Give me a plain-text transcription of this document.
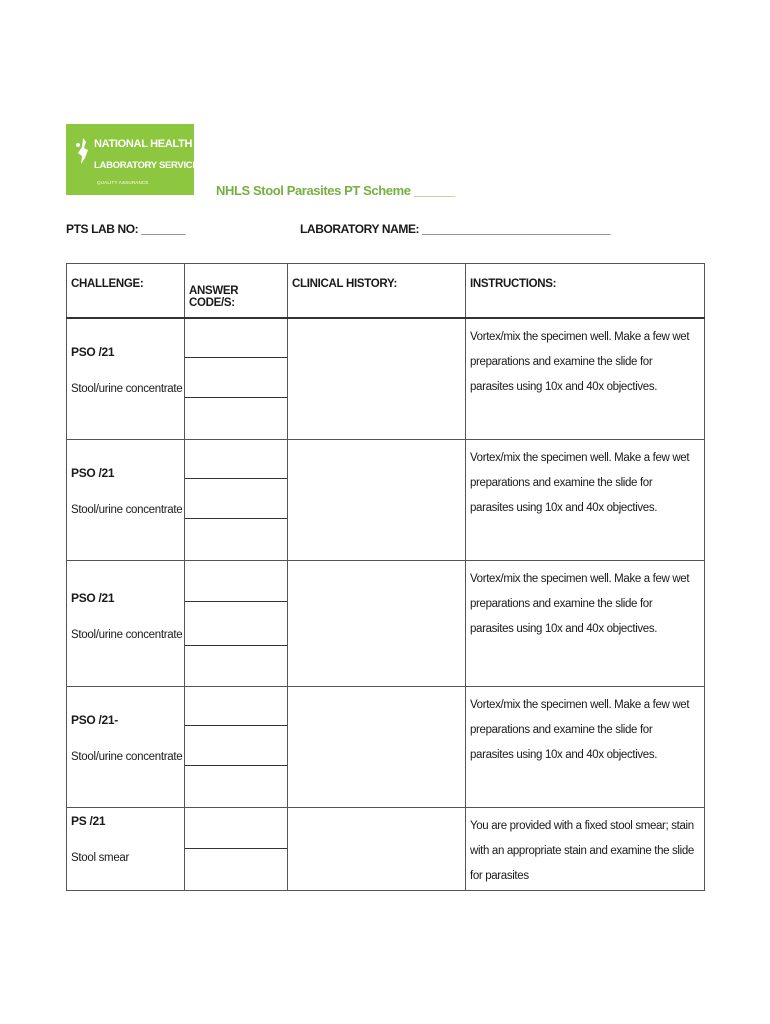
NATIONAL HEALTH
LABORATORY SERVICE
QUALITY ASSURANCE
NHLS Stool Parasites PT Scheme ______
PTS LAB NO: _______	LABORATORY NAME: ______________________________
CHALLENGE:	ANSWER CODE/S:	CLINICAL HISTORY:	INSTRUCTIONS:

PSO /21
Stool/urine concentrate			Vortex/mix the specimen well. Make a few wet preparations and examine the slide for parasites using 10x and 40x objectives.

PSO /21
Stool/urine concentrate			Vortex/mix the specimen well. Make a few wet preparations and examine the slide for parasites using 10x and 40x objectives.

PSO /21
Stool/urine concentrate			Vortex/mix the specimen well. Make a few wet preparations and examine the slide for parasites using 10x and 40x objectives.

PSO /21-
Stool/urine concentrate			Vortex/mix the specimen well. Make a few wet preparations and examine the slide for parasites using 10x and 40x objectives.

PS /21
Stool smear			You are provided with a fixed stool smear; stain with an appropriate stain and examine the slide for parasites
